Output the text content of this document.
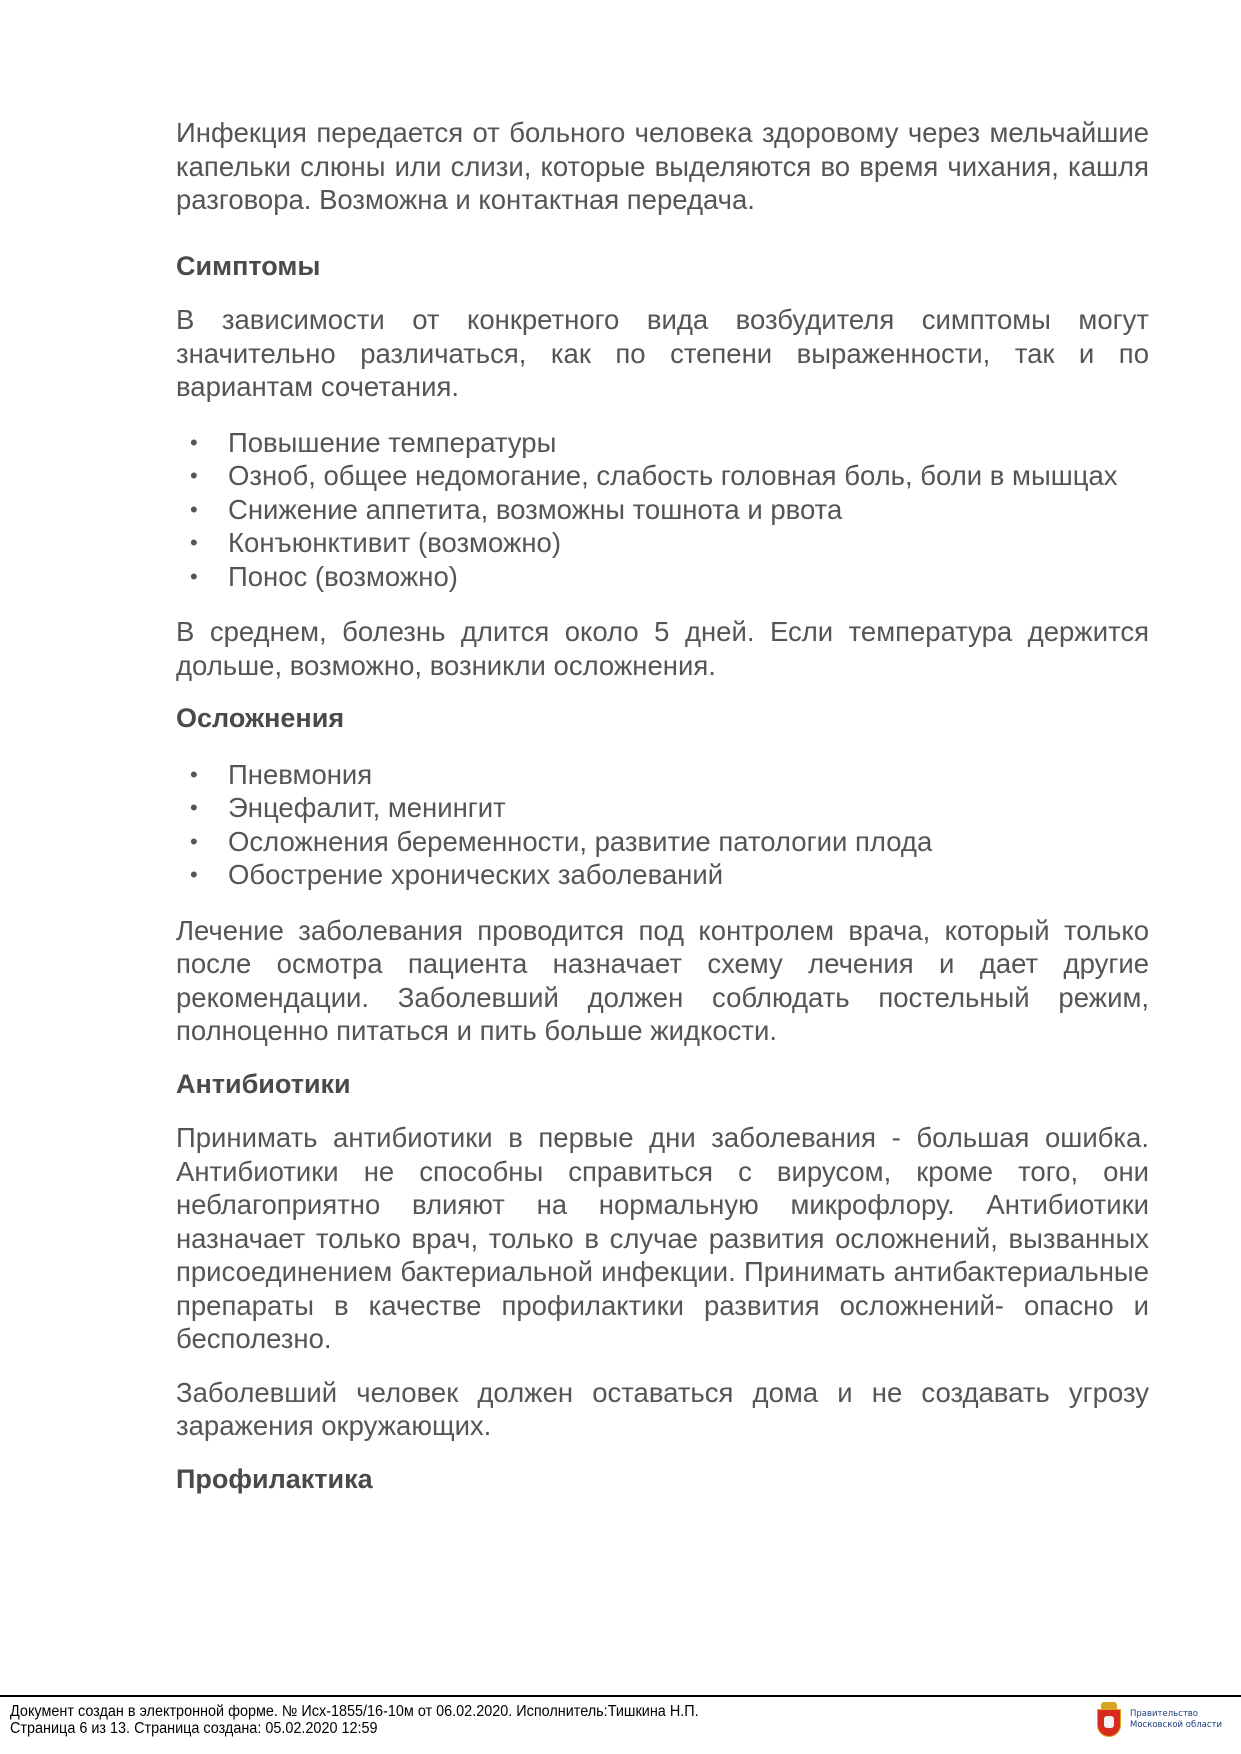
Инфекция передается от больного человека здоровому через мельчайшие капельки слюны или слизи, которые выделяются во время чихания, кашля разговора. Возможна и контактная передача.

Симптомы

В зависимости от конкретного вида возбудителя симптомы могут значительно различаться, как по степени выраженности, так и по вариантам сочетания.

• Повышение температуры
• Озноб, общее недомогание, слабость головная боль, боли в мышцах
• Снижение аппетита, возможны тошнота и рвота
• Конъюнктивит (возможно)
• Понос (возможно)

В среднем, болезнь длится около 5 дней. Если температура держится дольше, возможно, возникли осложнения.

Осложнения
• Пневмония
• Энцефалит, менингит
• Осложнения беременности, развитие патологии плода
• Обострение хронических заболеваний

Лечение заболевания проводится под контролем врача, который только после осмотра пациента назначает схему лечения и дает другие рекомендации. Заболевший должен соблюдать постельный режим, полноценно питаться и пить больше жидкости.

Антибиотики

Принимать антибиотики в первые дни заболевания - большая ошибка. Антибиотики не способны справиться с вирусом, кроме того, они неблагоприятно влияют на нормальную микрофлору. Антибиотики назначает только врач, только в случае развития осложнений, вызванных присоединением бактериальной инфекции. Принимать антибактериальные препараты в качестве профилактики развития осложнений- опасно и бесполезно.

Заболевший человек должен оставаться дома и не создавать угрозу заражения окружающих.

Профилактика
Документ создан в электронной форме. № Исх-1855/16-10м от 06.02.2020. Исполнитель:Тишкина Н.П.
Страница 6 из 13. Страница создана: 05.02.2020 12:59
Правительство
Московской области
